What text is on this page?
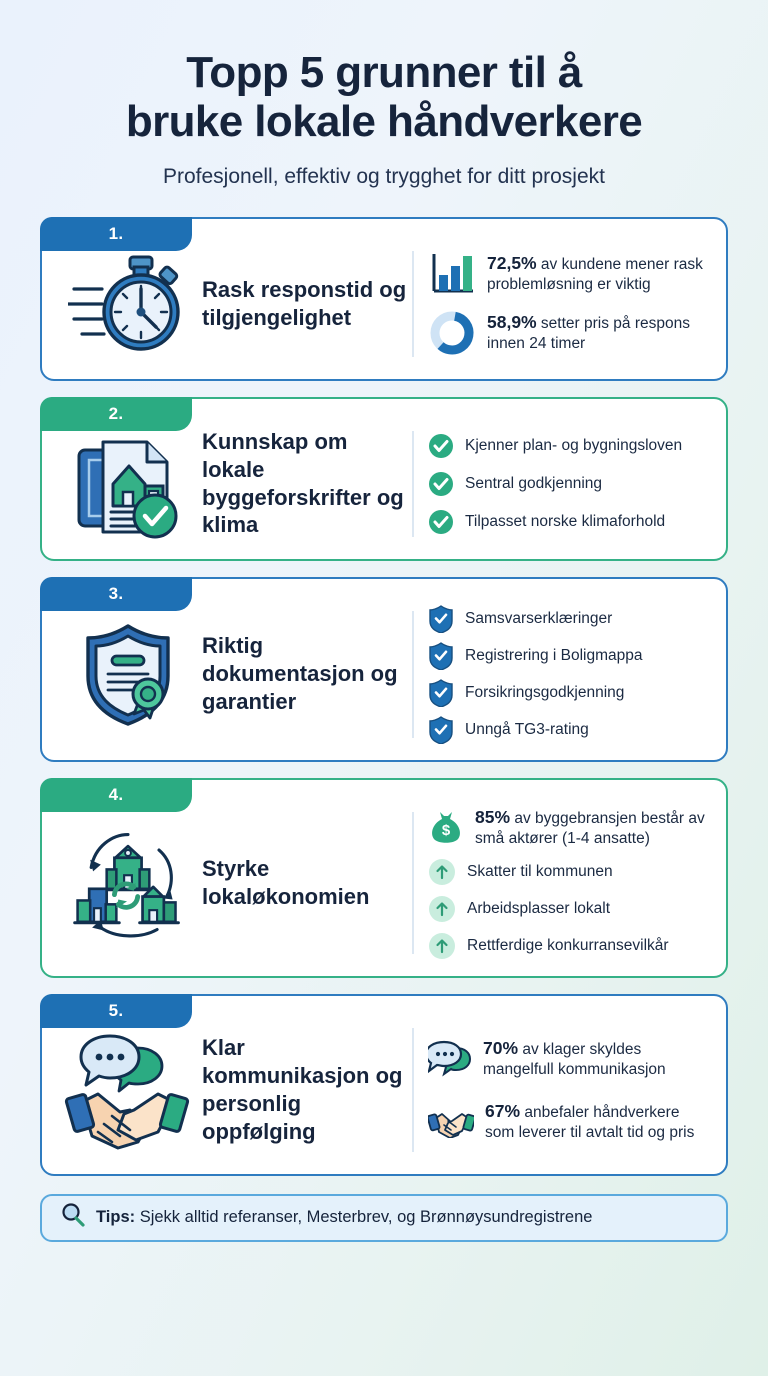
Topp 5 grunner til å
bruke lokale håndverkere
Profesjonell, effektiv og trygghet for ditt prosjekt
1.
Rask responstid og tilgjengelighet
72,5% av kundene mener rask problemløsning er viktig
58,9% setter pris på respons innen 24 timer
2.
Kunnskap om lokale byggeforskrifter og klima
Kjenner plan- og bygningsloven
Sentral godkjenning
Tilpasset norske klimaforhold
3.
Riktig dokumentasjon og garantier
Samsvarserklæringer
Registrering i Boligmappa
Forsikringsgodkjenning
Unngå TG3-rating
4.
Styrke lokaløkonomien
$
85% av byggebransjen består av små aktører (1-4 ansatte)
Skatter til kommunen
Arbeidsplasser lokalt
Rettferdige konkurransevilkår
5.
Klar kommunikasjon og personlig oppfølging
70% av klager skyldes mangelfull kommunikasjon
67% anbefaler håndverkere som leverer til avtalt tid og pris
Tips: Sjekk alltid referanser, Mesterbrev, og Brønnøysundregistrene
